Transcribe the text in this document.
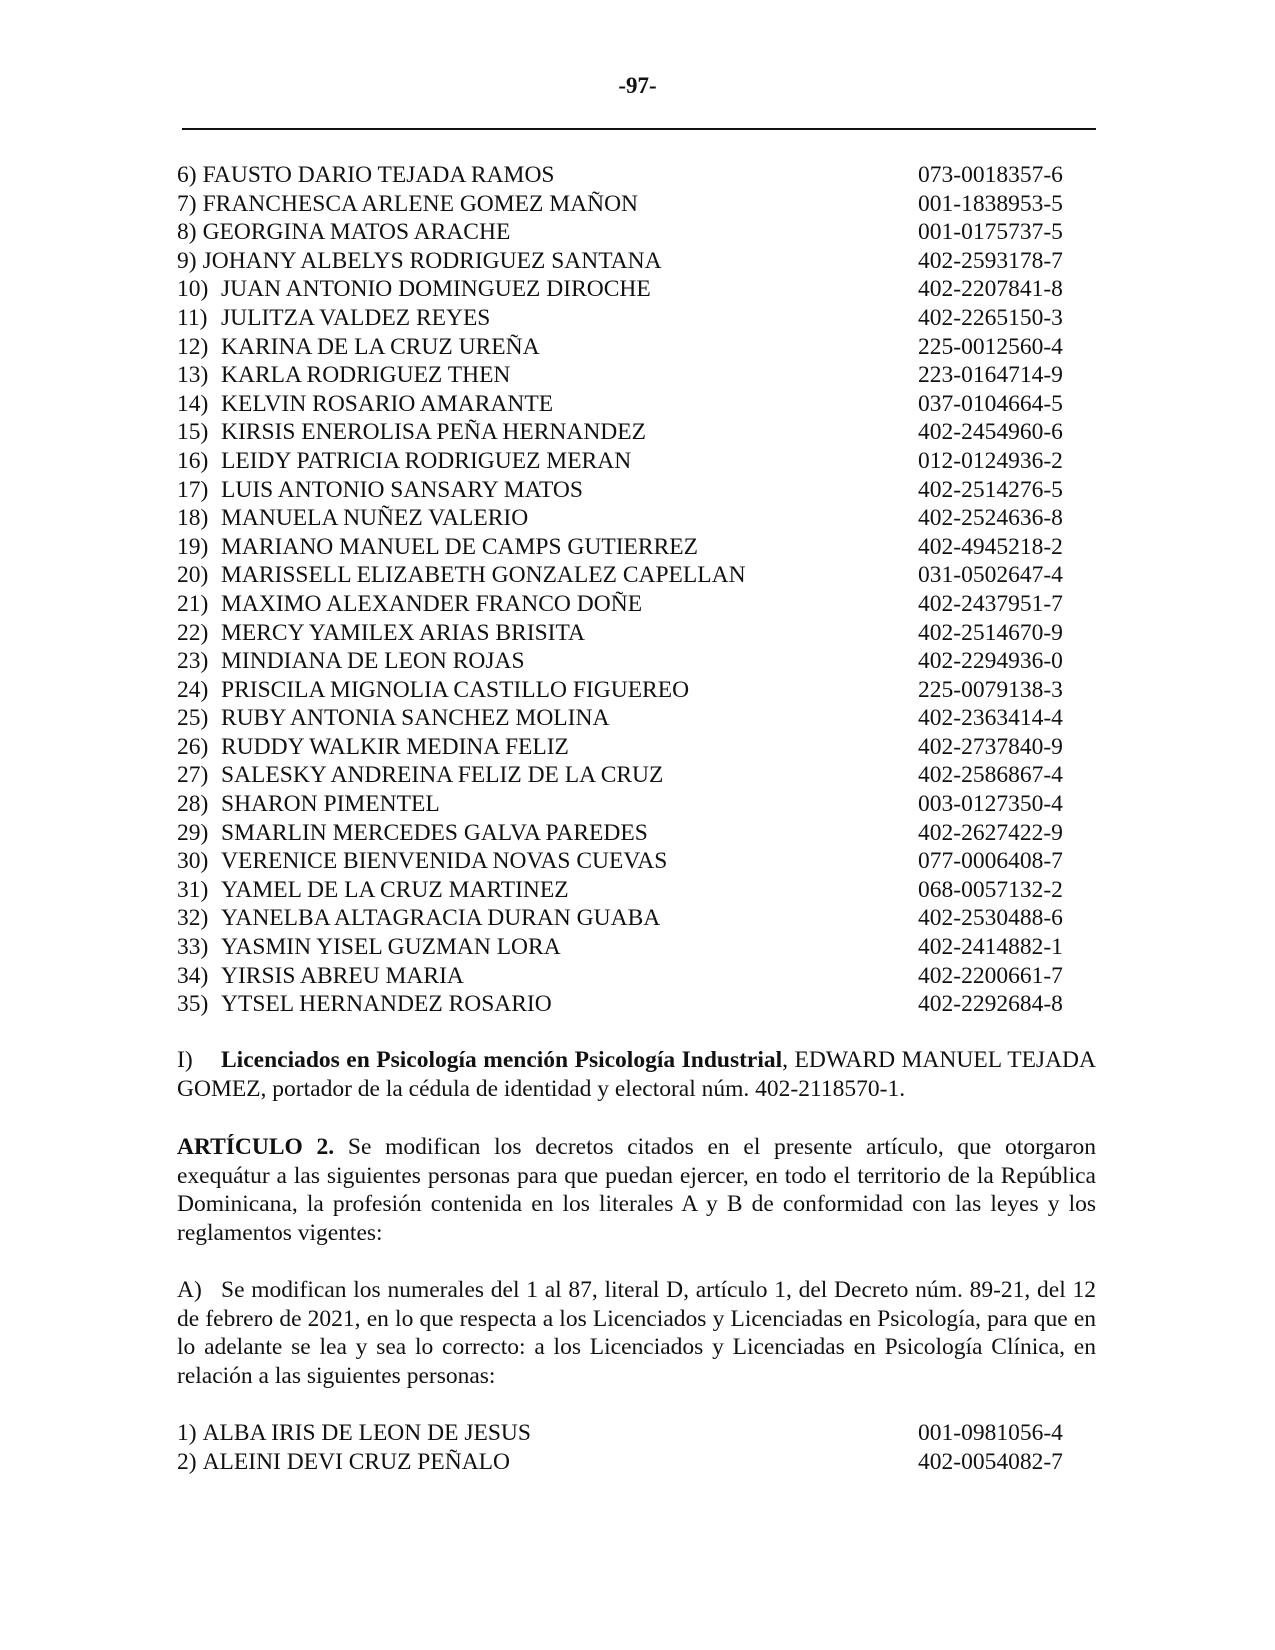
-97-
6) FAUSTO DARIO TEJADA RAMOS	073-0018357-6
7) FRANCHESCA ARLENE GOMEZ MAÑON	001-1838953-5
8) GEORGINA MATOS ARACHE	001-0175737-5
9) JOHANY ALBELYS RODRIGUEZ SANTANA	402-2593178-7
10) JUAN ANTONIO DOMINGUEZ DIROCHE	402-2207841-8
11) JULITZA VALDEZ REYES	402-2265150-3
12) KARINA DE LA CRUZ UREÑA	225-0012560-4
13) KARLA RODRIGUEZ THEN	223-0164714-9
14) KELVIN ROSARIO AMARANTE	037-0104664-5
15) KIRSIS ENEROLISA PEÑA HERNANDEZ	402-2454960-6
16) LEIDY PATRICIA RODRIGUEZ MERAN	012-0124936-2
17) LUIS ANTONIO SANSARY MATOS	402-2514276-5
18) MANUELA NUÑEZ VALERIO	402-2524636-8
19) MARIANO MANUEL DE CAMPS GUTIERREZ	402-4945218-2
20) MARISSELL ELIZABETH GONZALEZ CAPELLAN	031-0502647-4
21) MAXIMO ALEXANDER FRANCO DOÑE	402-2437951-7
22) MERCY YAMILEX ARIAS BRISITA	402-2514670-9
23) MINDIANA DE LEON ROJAS	402-2294936-0
24) PRISCILA MIGNOLIA CASTILLO FIGUEREO	225-0079138-3
25) RUBY ANTONIA SANCHEZ MOLINA	402-2363414-4
26) RUDDY WALKIR MEDINA FELIZ	402-2737840-9
27) SALESKY ANDREINA FELIZ DE LA CRUZ	402-2586867-4
28) SHARON PIMENTEL	003-0127350-4
29) SMARLIN MERCEDES GALVA PAREDES	402-2627422-9
30) VERENICE BIENVENIDA NOVAS CUEVAS	077-0006408-7
31) YAMEL DE LA CRUZ MARTINEZ	068-0057132-2
32) YANELBA ALTAGRACIA DURAN GUABA	402-2530488-6
33) YASMIN YISEL GUZMAN LORA	402-2414882-1
34) YIRSIS ABREU MARIA	402-2200661-7
35) YTSEL HERNANDEZ ROSARIO	402-2292684-8

I) Licenciados en Psicología mención Psicología Industrial, EDWARD MANUEL TEJADA GOMEZ, portador de la cédula de identidad y electoral núm. 402-2118570-1.

ARTÍCULO 2. Se modifican los decretos citados en el presente artículo, que otorgaron exequátur a las siguientes personas para que puedan ejercer, en todo el territorio de la República Dominicana, la profesión contenida en los literales A y B de conformidad con las leyes y los reglamentos vigentes:

A) Se modifican los numerales del 1 al 87, literal D, artículo 1, del Decreto núm. 89-21, del 12 de febrero de 2021, en lo que respecta a los Licenciados y Licenciadas en Psicología, para que en lo adelante se lea y sea lo correcto: a los Licenciados y Licenciadas en Psicología Clínica, en relación a las siguientes personas:

1) ALBA IRIS DE LEON DE JESUS	001-0981056-4
2) ALEINI DEVI CRUZ PEÑALO	402-0054082-7
